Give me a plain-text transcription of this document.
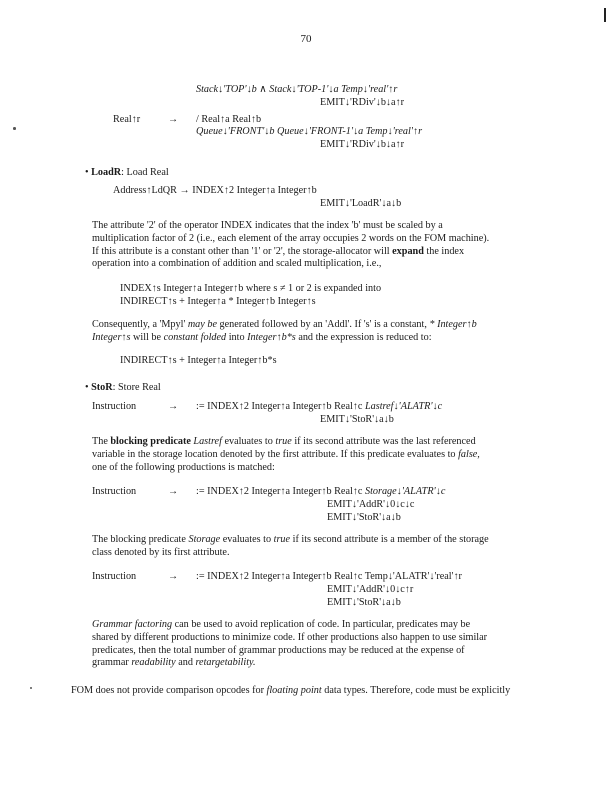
70
Stack↓'TOP'↓b ∧ Stack↓'TOP-1'↓a Temp↓'real'↑r
EMIT↓'RDiv'↓b↓a↑r
Real↑r	→ / Real↑a Real↑b
Queue↓'FRONT'↓b Queue↓'FRONT-1'↓a Temp↓'real'↑r
EMIT↓'RDiv'↓b↓a↑r
• LoadR: Load Real
Address↑LdQR → INDEX↑2 Integer↑a Integer↑b
EMIT↓'LoadR'↓a↓b
The attribute '2' of the operator INDEX indicates that the index 'b' must be scaled by a
multiplication factor of 2 (i.e., each element of the array occupies 2 words on the FOM machine).
If this attribute is a constant other than '1' or '2', the storage-allocator will expand the index
operation into a combination of addition and scaled multiplication, i.e.,
INDEX↑s Integer↑a Integer↑b where s ≠ 1 or 2 is expanded into
INDIRECT↑s + Integer↑a * Integer↑b Integer↑s
Consequently, a 'Mpyl' may be generated followed by an 'Addl'. If 's' is a constant, * Integer↑b
Integer↑s will be constant folded into Integer↑b*s and the expression is reduced to:
INDIRECT↑s + Integer↑a Integer↑b*s
• StoR: Store Real
Instruction	→ := INDEX↑2 Integer↑a Integer↑b Real↑c Lastref↓'ALATR'↓c
EMIT↓'StoR'↓a↓b
The blocking predicate Lastref evaluates to true if its second attribute was the last referenced
variable in the storage location denoted by the first attribute. If this predicate evaluates to false,
one of the following productions is matched:
Instruction	→ := INDEX↑2 Integer↑a Integer↑b Real↑c Storage↓'ALATR'↓c
EMIT↓'AddR'↓0↓c↓c
EMIT↓'StoR'↓a↓b
The blocking predicate Storage evaluates to true if its second attribute is a member of the storage
class denoted by its first attribute.
Instruction	→ := INDEX↑2 Integer↑a Integer↑b Real↑c Temp↓'ALATR'↓'real'↑r
EMIT↓'AddR'↓0↓c↑r
EMIT↓'StoR'↓a↓b
Grammar factoring can be used to avoid replication of code. In particular, predicates may be
shared by different productions to minimize code. If other productions also happen to use similar
predicates, then the total number of grammar productions may be reduced at the expense of
grammar readability and retargetability.
FOM does not provide comparison opcodes for floating point data types. Therefore, code must be explicitly
